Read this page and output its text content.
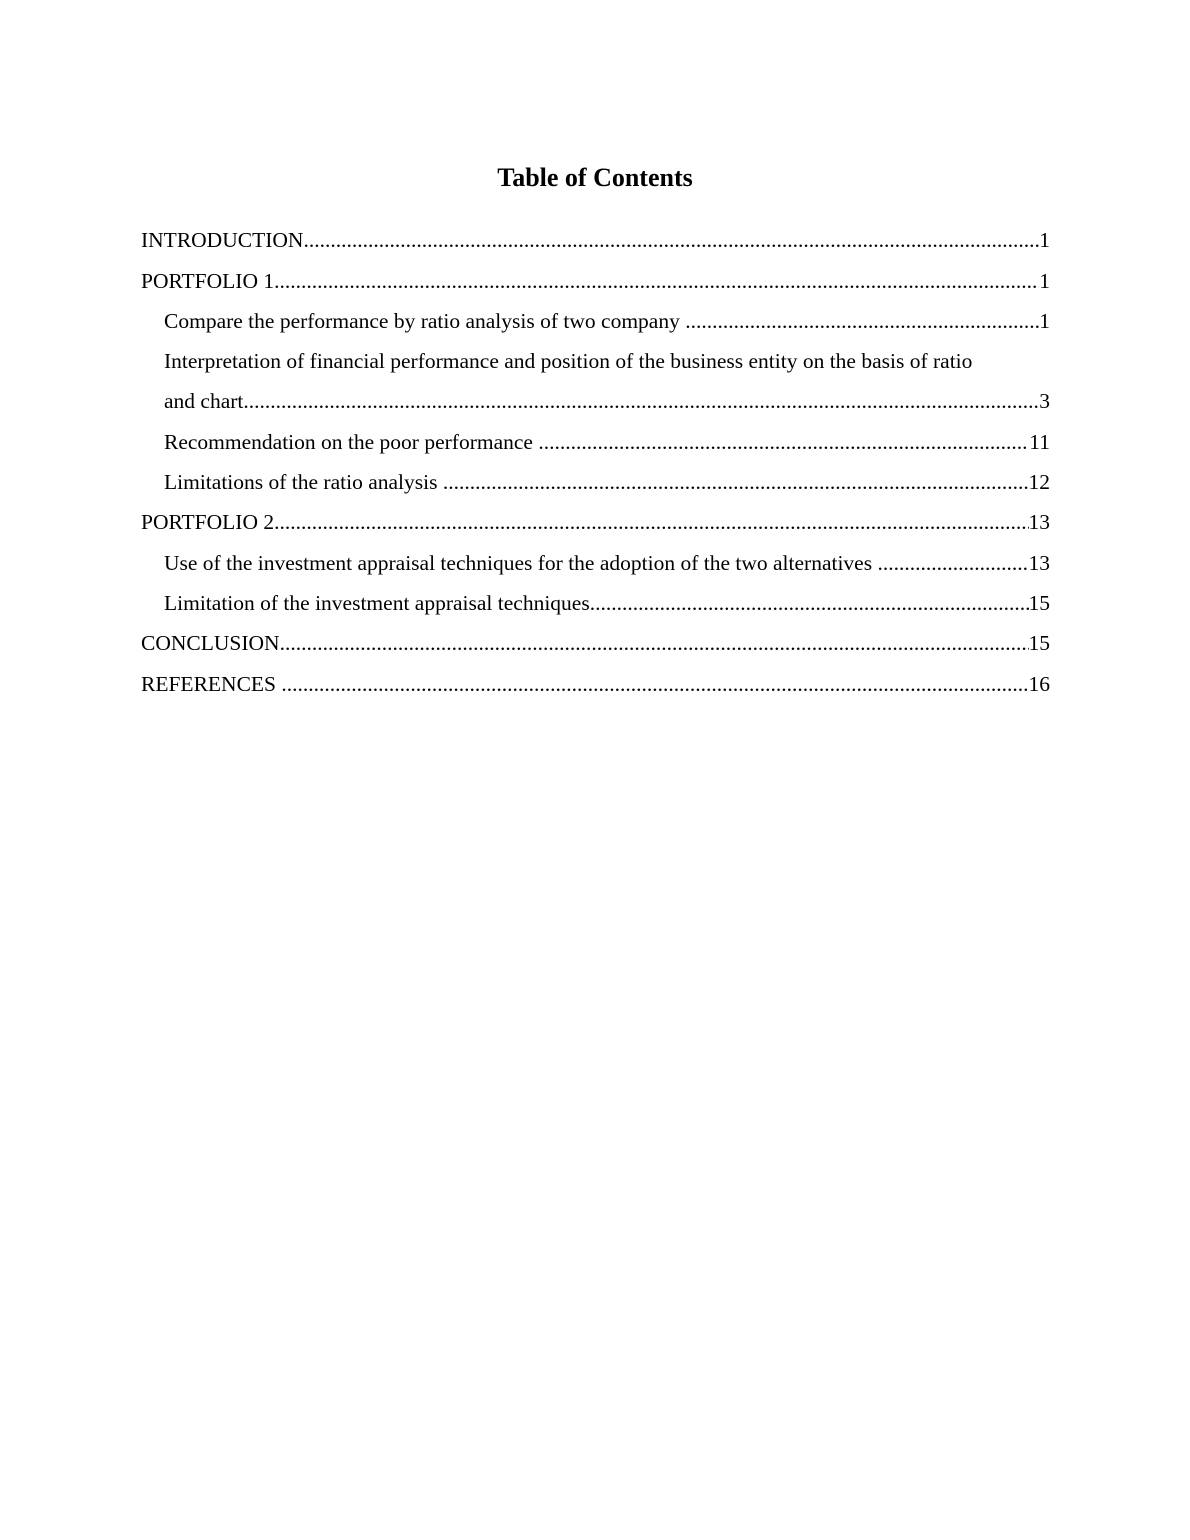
Table of Contents
INTRODUCTION .....	1
PORTFOLIO 1 .....	1
Compare the performance by ratio analysis of two company .....	1
Interpretation of financial performance and position of the business entity on the basis of ratio
and chart .....	3
Recommendation on the poor performance .....	11
Limitations of the ratio analysis .....	12
PORTFOLIO 2 .....	13
Use of the investment appraisal techniques for the adoption of the two alternatives .....	13
Limitation of the investment appraisal techniques .....	15
CONCLUSION .....	15
REFERENCES .....	16
